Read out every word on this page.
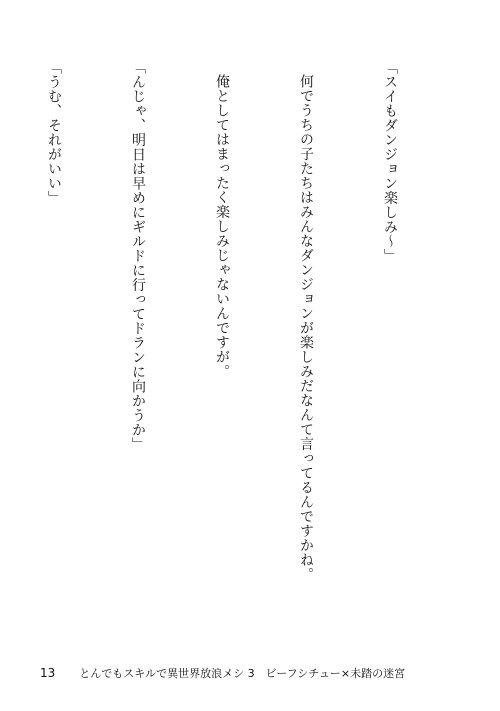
「スイもダンジョン楽しみ～」

何でうちの子たちはみんなダンジョンが楽しみだなんて言ってるんですかね。

俺としてはまったく楽しみじゃないんですが。

「んじゃ、明日は早めにギルドに行ってドランに向かうか」

「うむ、それがいい」

13 とんでもスキルで異世界放浪メシ 3　ビーフシチュー×未踏の迷宮
